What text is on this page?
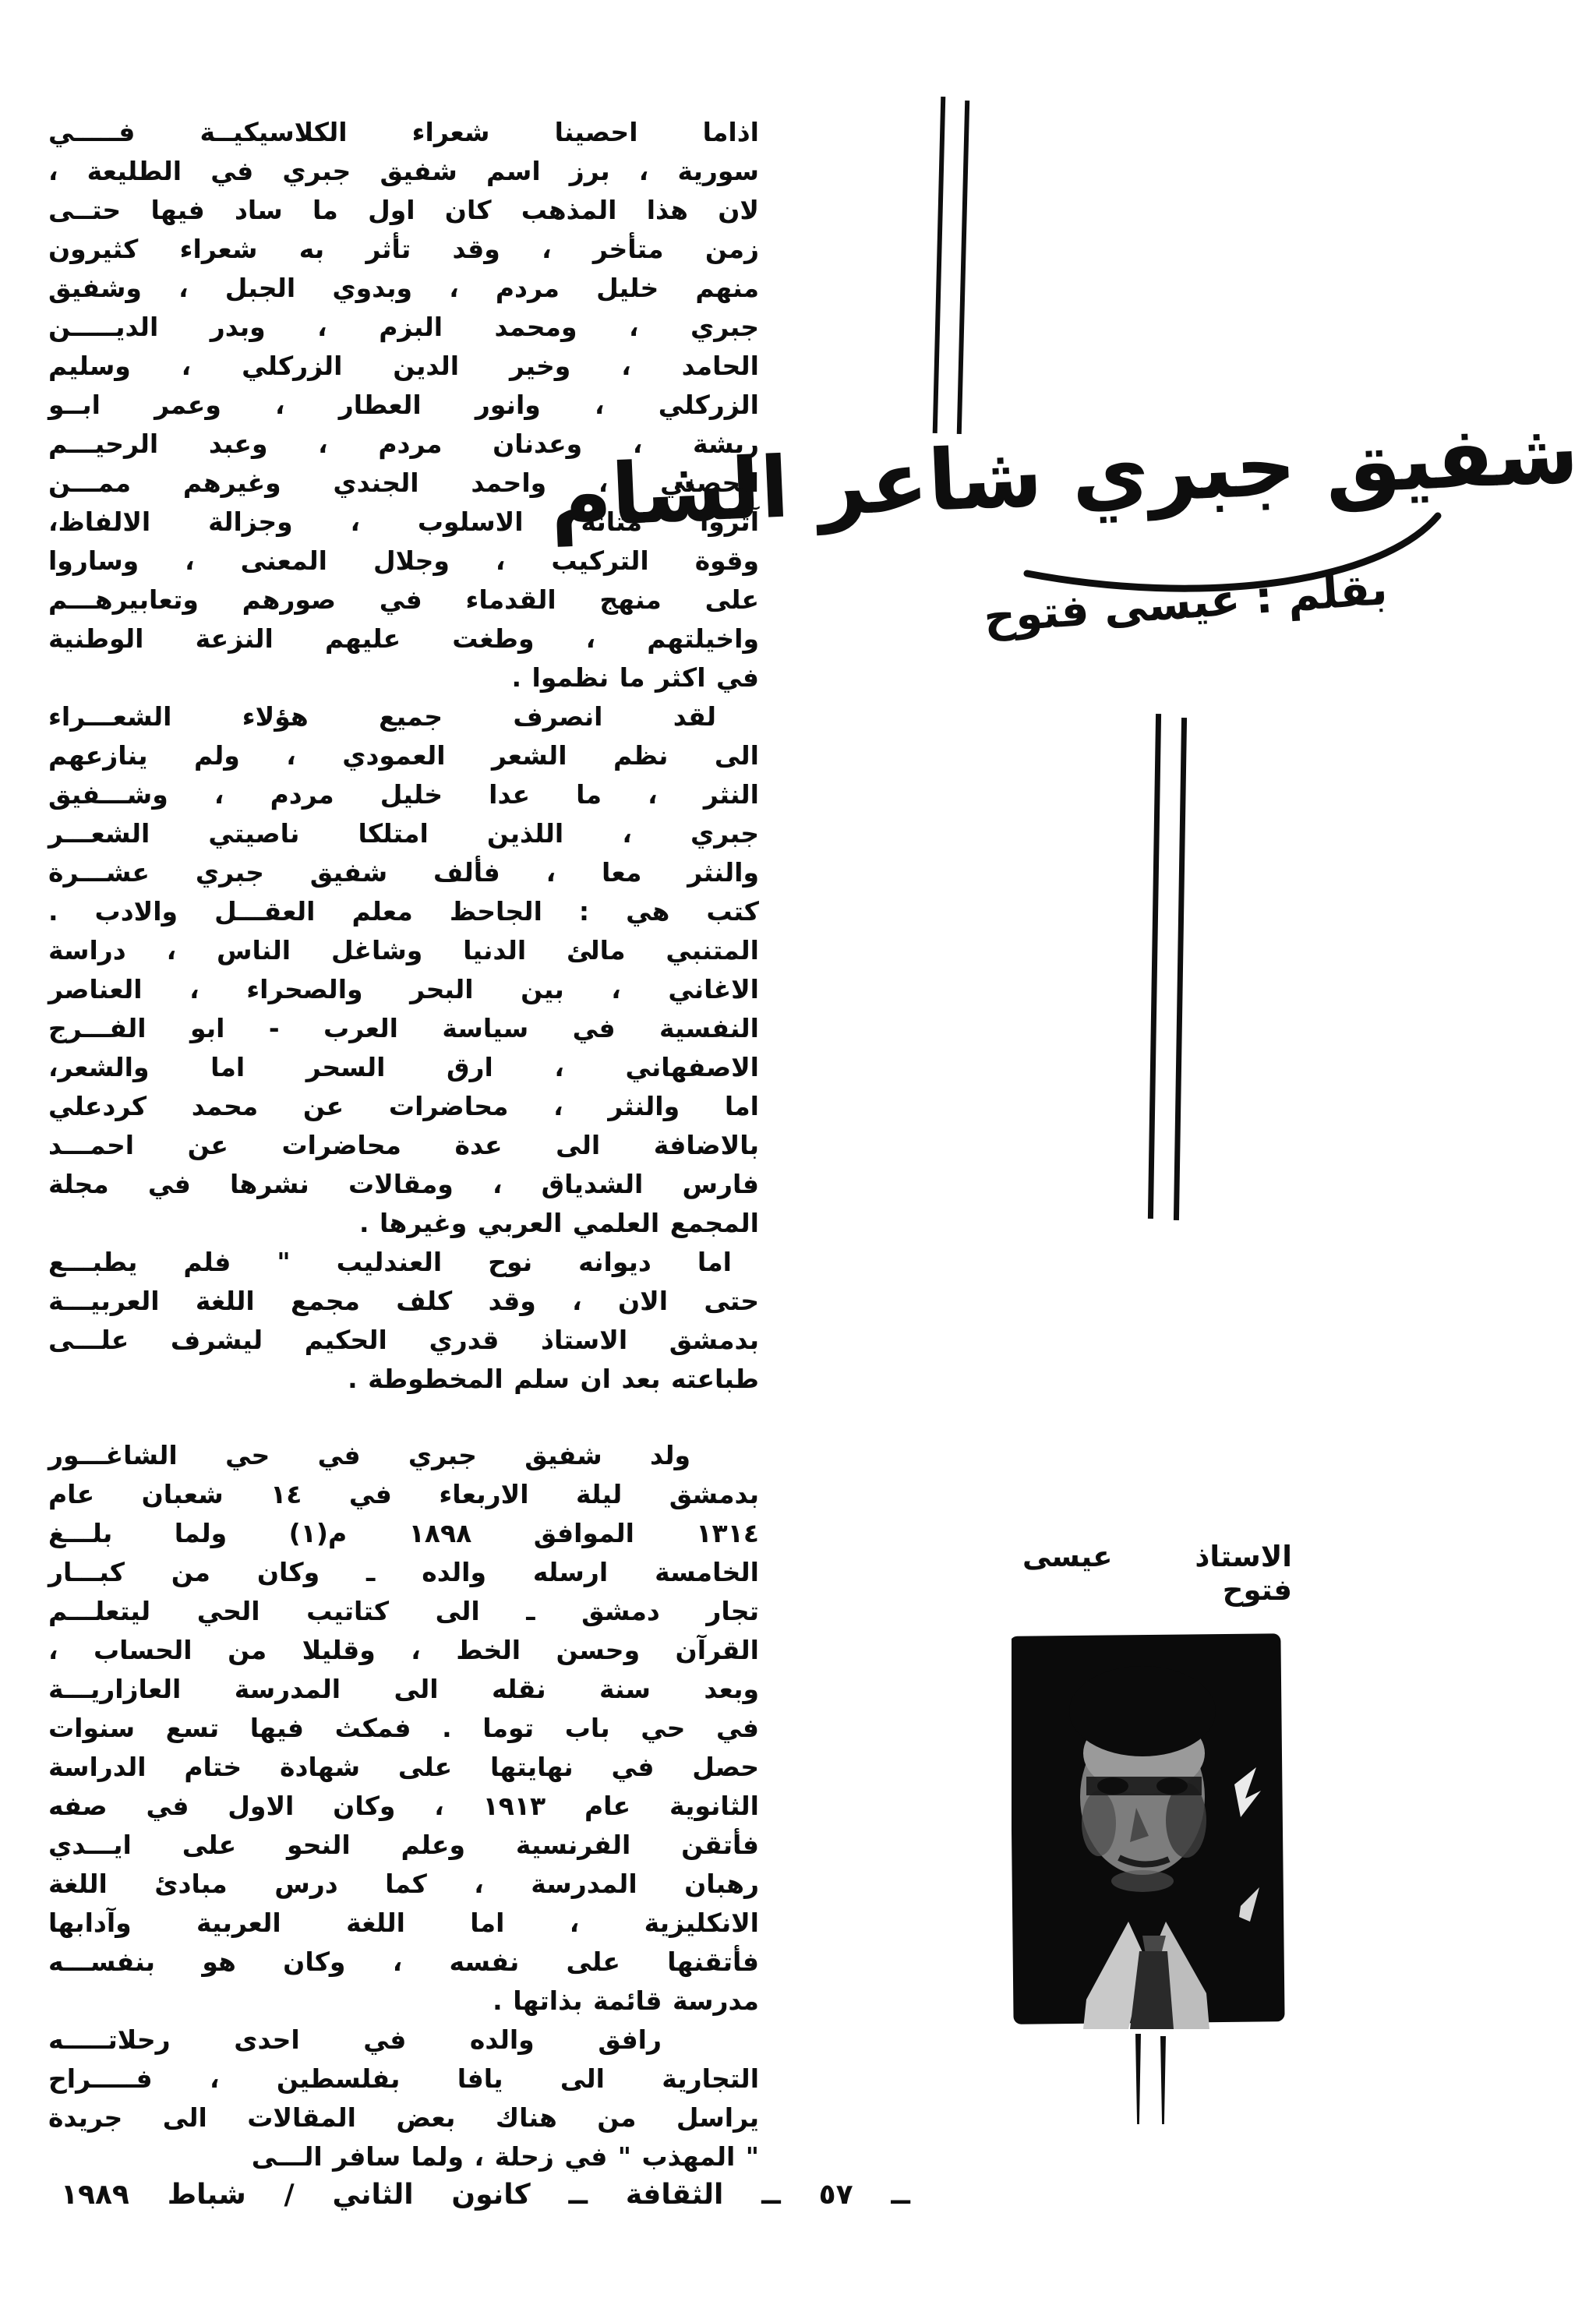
شفيق جبري شاعر الشام
بقلم : عيسى فتوح
اذاما احصينا شعراء الكلاسيكيــة فـــــي
سورية ، برز اسم شفيق جبري في الطليعة ،
لان هذا المذهب كان اول ما ساد فيها حتــى
زمن متأخر ، وقد تأثر به شعراء كثيرون
منهم خليل مردم ، وبدوي الجبل ، وشفيق
جبري ، ومحمد البزم ، وبدر الديـــــن
الحامد ، وخير الدين الزركلي ، وسليم
الزركلي ، وانور العطار ، وعمر ابــو
ريشة ، وعدنان مردم ، وعبد الرحيـــم
الحصني ، واحمد الجندي وغيرهم ممـــن
آثروا متانة الاسلوب ، وجزالة الالفاظ،
وقوة التركيب ، وجلال المعنى ، وساروا
على منهج القدماء في صورهم وتعابيرهـــم
واخيلتهم ، وطغت عليهم النزعة الوطنية
في اكثر ما نظموا .
لقد انصرف جميع هؤلاء الشعـــراء
الى نظم الشعر العمودي ، ولم ينازعهم
النثر ، ما عدا خليل مردم ، وشـــفيق
جبري ، اللذين امتلكا ناصيتي الشعـــر
والنثر معا ، فألف شفيق جبري عشـــرة
كتب هي : الجاحظ معلم العقـــل والادب .
المتنبي مالئ الدنيا وشاغل الناس ، دراسة
الاغاني ، بين البحر والصحراء ، العناصر
النفسية في سياسة العرب - ابو الفـــرج
الاصفهاني ، ارق السحر اما والشعر،
اما والنثر ، محاضرات عن محمد كردعلي
بالاضافة الى عدة محاضرات عن احمـــد
فارس الشدياق ، ومقالات نشرها في مجلة
المجمع العلمي العربي وغيرها .
اما ديوانه نوح العندليب " فلم يطبـــع
حتى الان ، وقد كلف مجمع اللغة العربيـــة
بدمشق الاستاذ قدري الحكيم ليشرف علـــى
طباعته بعد ان سلم المخطوطة .
ولد شفيق جبري في حي الشاغـــور
بدمشق ليلة الاربعاء في ١٤ شعبان عام
١٣١٤ الموافق ١٨٩٨ م(١) ولما بلـــغ
الخامسة ارسله والده ـ وكان من كبـــار
تجار دمشق ـ الى كتاتيب الحي ليتعلـــم
القرآن وحسن الخط ، وقليلا من الحساب ،
وبعد سنة نقله الى المدرسة العازاريـــة
في حي باب توما . فمكث فيها تسع سنوات
حصل في نهايتها على شهادة ختام الدراسة
الثانوية عام ١٩١٣ ، وكان الاول في صفه
فأتقن الفرنسية وعلم النحو على ايـــدي
رهبان المدرسة ، كما درس مبادئ اللغة
الانكليزية ، اما اللغة العربية وآدابها
فأتقنها على نفسه ، وكان هو بنفســـه
مدرسة قائمة بذاتها .
رافق والده في احدى رحلاتـــــه
التجارية الى يافا بفلسطين ، فـــــراح
يراسل من هناك بعض المقالات الى جريدة
" المهذب " في زحلة ، ولما سافر الـــى
الاستاذ عيسى فتوح
ــ ٥٧ ــ الثقافة ــ كانون الثاني / شباط ١٩٨٩
